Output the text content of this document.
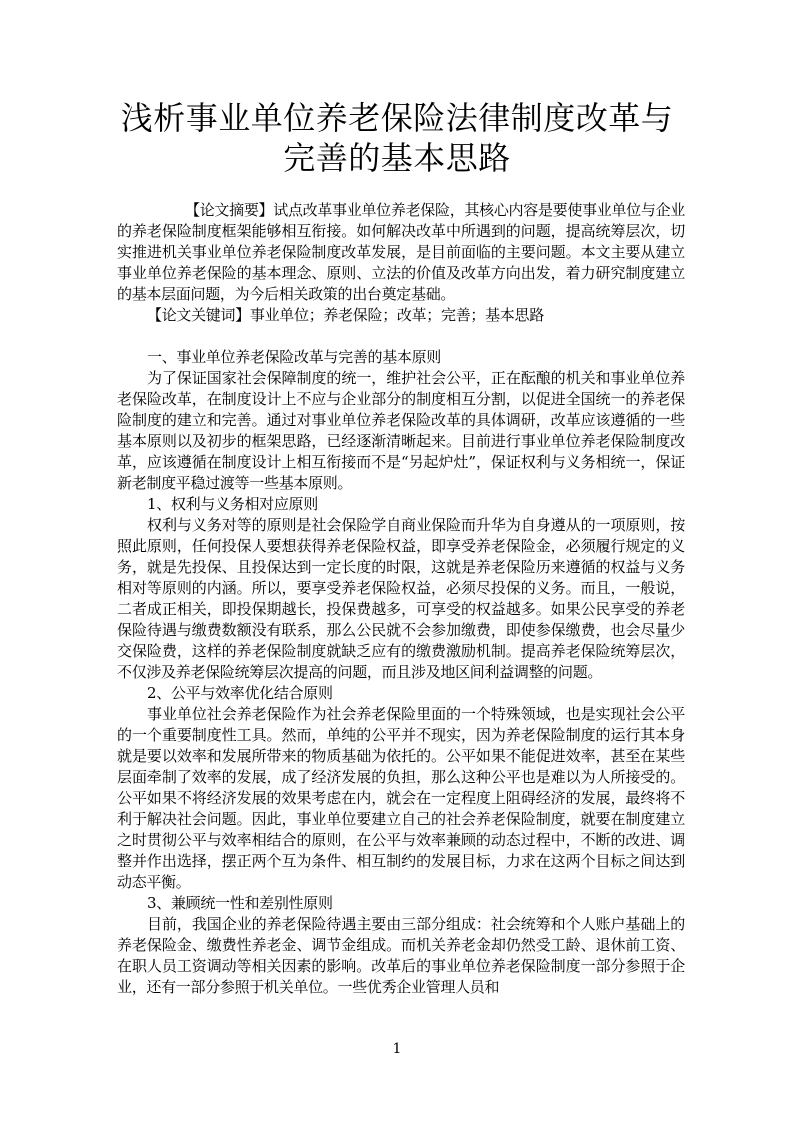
浅析事业单位养老保险法律制度改革与
完善的基本思路

【论文摘要】试点改革事业单位养老保险，其核心内容是要使事业单位与企业的养老保险制度框架能够相互衔接。如何解决改革中所遇到的问题，提高统筹层次，切实推进机关事业单位养老保险制度改革发展，是目前面临的主要问题。本文主要从建立事业单位养老保险的基本理念、原则、立法的价值及改革方向出发，着力研究制度建立的基本层面问题，为今后相关政策的出台奠定基础。

【论文关键词】事业单位；养老保险；改革；完善；基本思路

一、事业单位养老保险改革与完善的基本原则

为了保证国家社会保障制度的统一，维护社会公平，正在酝酿的机关和事业单位养老保险改革，在制度设计上不应与企业部分的制度相互分割，以促进全国统一的养老保险制度的建立和完善。通过对事业单位养老保险改革的具体调研，改革应该遵循的一些基本原则以及初步的框架思路，已经逐渐清晰起来。目前进行事业单位养老保险制度改革，应该遵循在制度设计上相互衔接而不是“另起炉灶”，保证权利与义务相统一，保证新老制度平稳过渡等一些基本原则。

1、权利与义务相对应原则

权利与义务对等的原则是社会保险学自商业保险而升华为自身遵从的一项原则，按照此原则，任何投保人要想获得养老保险权益，即享受养老保险金，必须履行规定的义务，就是先投保、且投保达到一定长度的时限，这就是养老保险历来遵循的权益与义务相对等原则的内涵。所以，要享受养老保险权益，必须尽投保的义务。而且，一般说，二者成正相关，即投保期越长，投保费越多，可享受的权益越多。如果公民享受的养老保险待遇与缴费数额没有联系，那么公民就不会参加缴费，即使参保缴费，也会尽量少交保险费，这样的养老保险制度就缺乏应有的缴费激励机制。提高养老保险统筹层次，不仅涉及养老保险统筹层次提高的问题，而且涉及地区间利益调整的问题。

2、公平与效率优化结合原则

事业单位社会养老保险作为社会养老保险里面的一个特殊领域，也是实现社会公平的一个重要制度性工具。然而，单纯的公平并不现实，因为养老保险制度的运行其本身就是要以效率和发展所带来的物质基础为依托的。公平如果不能促进效率，甚至在某些层面牵制了效率的发展，成了经济发展的负担，那么这种公平也是难以为人所接受的。公平如果不将经济发展的效果考虑在内，就会在一定程度上阻碍经济的发展，最终将不利于解决社会问题。因此，事业单位要建立自己的社会养老保险制度，就要在制度建立之时贯彻公平与效率相结合的原则，在公平与效率兼顾的动态过程中，不断的改进、调整并作出选择，摆正两个互为条件、相互制约的发展目标，力求在这两个目标之间达到动态平衡。

3、兼顾统一性和差别性原则

目前，我国企业的养老保险待遇主要由三部分组成：社会统筹和个人账户基础上的养老保险金、缴费性养老金、调节金组成。而机关养老金却仍然受工龄、退休前工资、在职人员工资调动等相关因素的影响。改革后的事业单位养老保险制度一部分参照于企业，还有一部分参照于机关单位。一些优秀企业管理人员和

1
